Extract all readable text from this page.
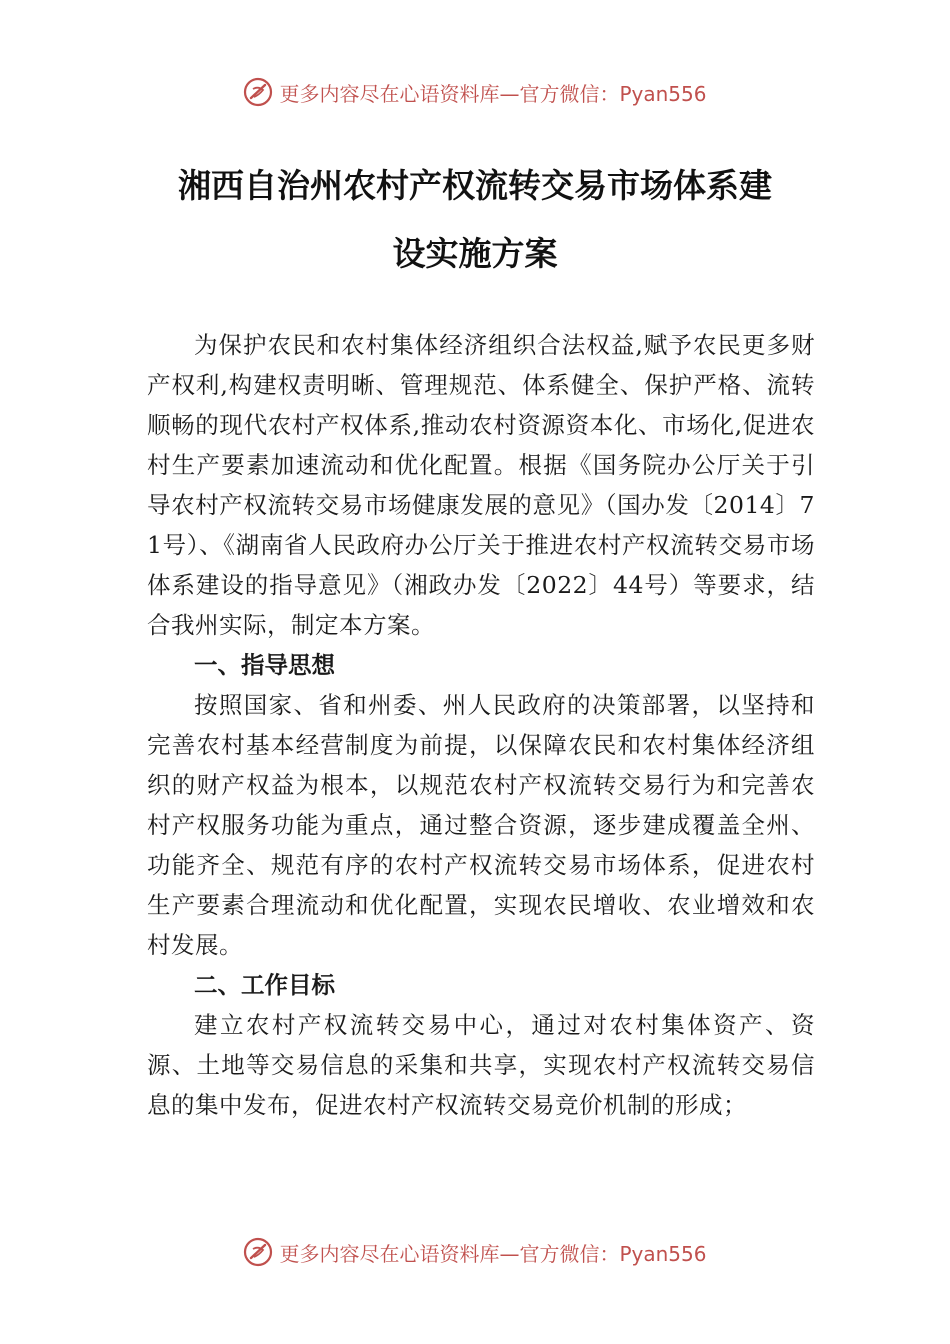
更多内容尽在心语资料库—官方微信：Pyan556
湘西自治州农村产权流转交易市场体系建
设实施方案

为保护农民和农村集体经济组织合法权益,赋予农民更多财产权利,构建权责明晰、管理规范、体系健全、保护严格、流转顺畅的现代农村产权体系,推动农村资源资本化、市场化,促进农村生产要素加速流动和优化配置。根据《国务院办公厅关于引导农村产权流转交易市场健康发展的意见》（国办发〔2014〕71号）、《湖南省人民政府办公厅关于推进农村产权流转交易市场体系建设的指导意见》（湘政办发〔2022〕44号）等要求，结合我州实际，制定本方案。

一、指导思想

按照国家、省和州委、州人民政府的决策部署，以坚持和完善农村基本经营制度为前提，以保障农民和农村集体经济组织的财产权益为根本，以规范农村产权流转交易行为和完善农村产权服务功能为重点，通过整合资源，逐步建成覆盖全州、功能齐全、规范有序的农村产权流转交易市场体系，促进农村生产要素合理流动和优化配置，实现农民增收、农业增效和农村发展。

二、工作目标

建立农村产权流转交易中心，通过对农村集体资产、资源、土地等交易信息的采集和共享，实现农村产权流转交易信息的集中发布，促进农村产权流转交易竞价机制的形成；

更多内容尽在心语资料库—官方微信：Pyan556
